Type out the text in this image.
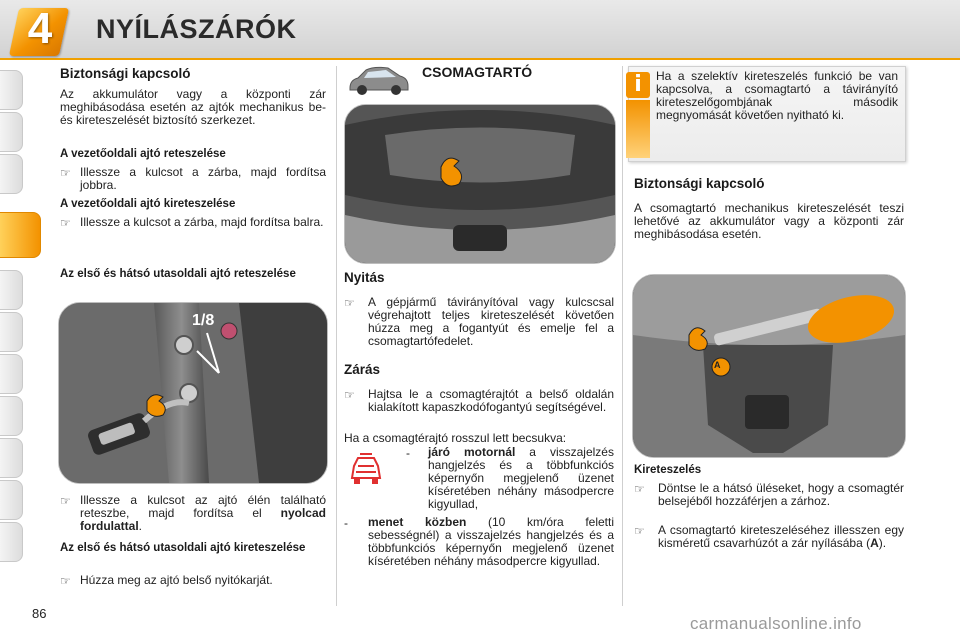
4 NYÍLÁSZÁRÓK
Biztonsági kapcsoló
Az akkumulátor vagy a központi zár meghibásodása esetén az ajtók mechanikus be- és kireteszelését biztosító szerkezet.
A vezetőoldali ajtó reteszelése
☞ Illessze a kulcsot a zárba, majd fordítsa jobbra.
A vezetőoldali ajtó kireteszelése
☞ Illessze a kulcsot a zárba, majd fordítsa balra.
Az első és hátsó utasoldali ajtó reteszelése
1/8
☞ Illessze a kulcsot az ajtó élén található reteszbe, majd fordítsa el nyolcad fordulattal.
Az első és hátsó utasoldali ajtó kireteszelése
☞ Húzza meg az ajtó belső nyitókarját.
CSOMAGTARTÓ
Nyitás
☞ A gépjármű távirányítóval vagy kulcscsal végrehajtott teljes kireteszelését követően húzza meg a fogantyút és emelje fel a csomagtartófedelet.
Zárás
☞ Hajtsa le a csomagtérajtót a belső oldalán kialakított kapaszkodófogantyú segítségével.
Ha a csomagtérajtó rosszul lett becsukva:
- járó motornál a visszajelzés hangjelzés és a többfunkciós képernyőn megjelenő üzenet kíséretében néhány másodpercre kigyullad,
- menet közben (10 km/óra feletti sebességnél) a visszajelzés hangjelzés és a többfunkciós képernyőn megjelenő üzenet kíséretében néhány másodpercre kigyullad.
i	Ha a szelektív kireteszelés funkció be van kapcsolva, a csomagtartó a távirányító kireteszelőgombjának második megnyomását követően nyitható ki.
Biztonsági kapcsoló
A csomagtartó mechanikus kireteszelését teszi lehetővé az akkumulátor vagy a központi zár meghibásodása esetén.
A
Kireteszelés
☞ Döntse le a hátsó üléseket, hogy a csomagtér belsejéből hozzáférjen a zárhoz.
☞ A csomagtartó kireteszeléséhez illesszen egy kisméretű csavarhúzót a zár nyílásába (A).
86
carmanualsonline.info
